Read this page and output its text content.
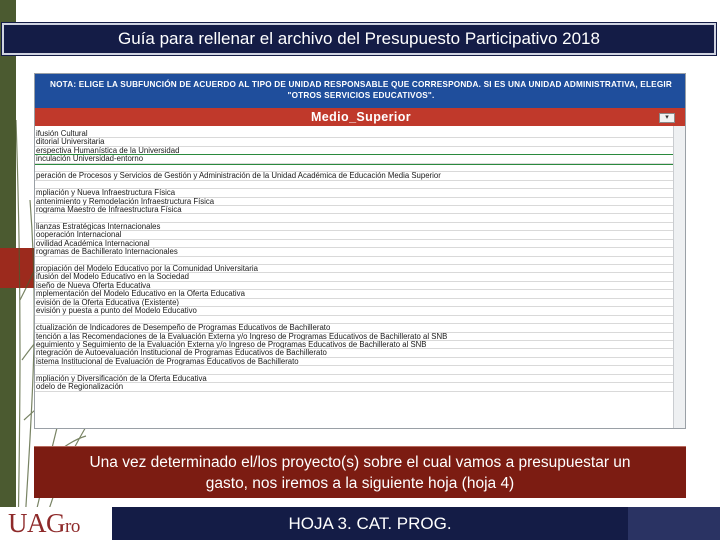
Guía para rellenar el archivo del Presupuesto Participativo 2018
NOTA: ELIGE LA SUBFUNCIÓN DE ACUERDO AL TIPO DE UNIDAD RESPONSABLE QUE CORRESPONDA. SI ES UNA UNIDAD ADMINISTRATIVA, ELEGIR "OTROS SERVICIOS EDUCATIVOS".
Medio_Superior	▾
ifusión Cultural
ditorial Universitaria
erspectiva Humanística de la Universidad
inculación Universidad-entorno

peración de Procesos y Servicios de Gestión y Administración de la Unidad Académica de Educación Media Superior

mpliación y Nueva Infraestructura Física
antenimiento y Remodelación Infraestructura Física
rograma Maestro de Infraestructura Física

lianzas Estratégicas Internacionales
ooperación Internacional
ovilidad Académica Internacional
rogramas de Bachillerato Internacionales

propiación del Modelo Educativo por la Comunidad Universitaria
ifusión del Modelo Educativo en la Sociedad
iseño de Nueva Oferta Educativa
mplementación del Modelo Educativo en la Oferta Educativa
evisión de la Oferta Educativa (Existente)
evisión y puesta a punto del Modelo Educativo

ctualización de Indicadores de Desempeño de Programas Educativos de Bachillerato
tención a las Recomendaciones de la Evaluación Externa y/o Ingreso de Programas Educativos de Bachillerato al SNB
eguimiento y Seguimiento de la Evaluación Externa y/o Ingreso de Programas Educativos de Bachillerato al SNB
ntegración de Autoevaluación Institucional de Programas Educativos de Bachillerato
istema Institucional de Evaluación de Programas Educativos de Bachillerato

mpliación y Diversificación de la Oferta Educativa
odelo de Regionalización
Una vez determinado el/los proyecto(s) sobre el cual vamos a presupuestar un gasto, nos iremos a la siguiente hoja (hoja 4)
UAGro	HOJA 3. CAT. PROG.
